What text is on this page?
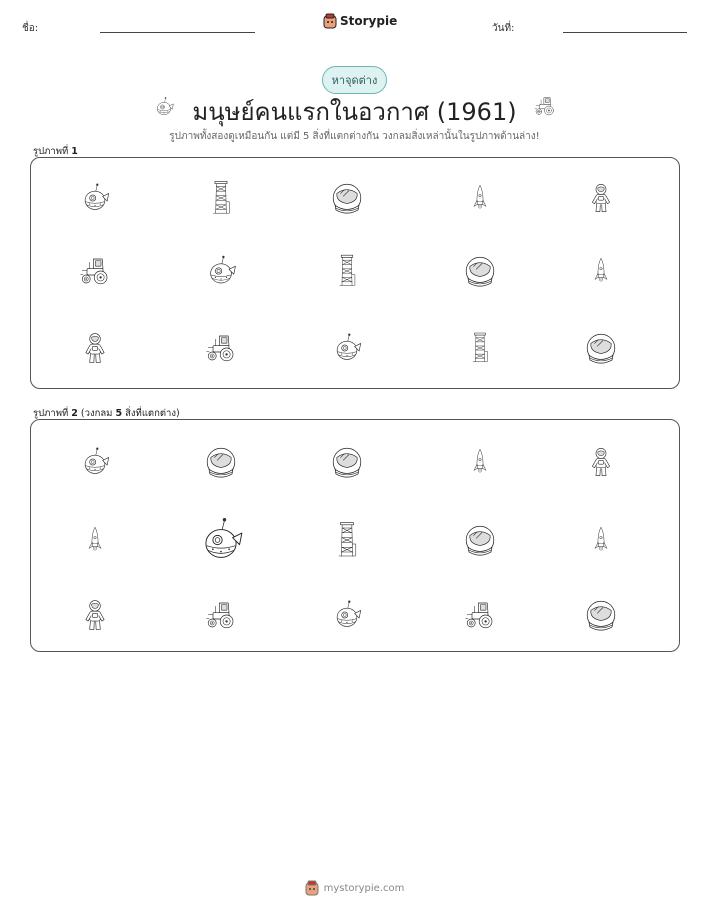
ชื่อ:
Storypie
วันที่:
หาจุดต่าง
มนุษย์คนแรกในอวกาศ (1961)
รูปภาพทั้งสองดูเหมือนกัน แต่มี 5 สิ่งที่แตกต่างกัน วงกลมสิ่งเหล่านั้นในรูปภาพด้านล่าง!
รูปภาพที่ 1
รูปภาพที่ 2 (วงกลม 5 สิ่งที่แตกต่าง)
mystorypie.com
